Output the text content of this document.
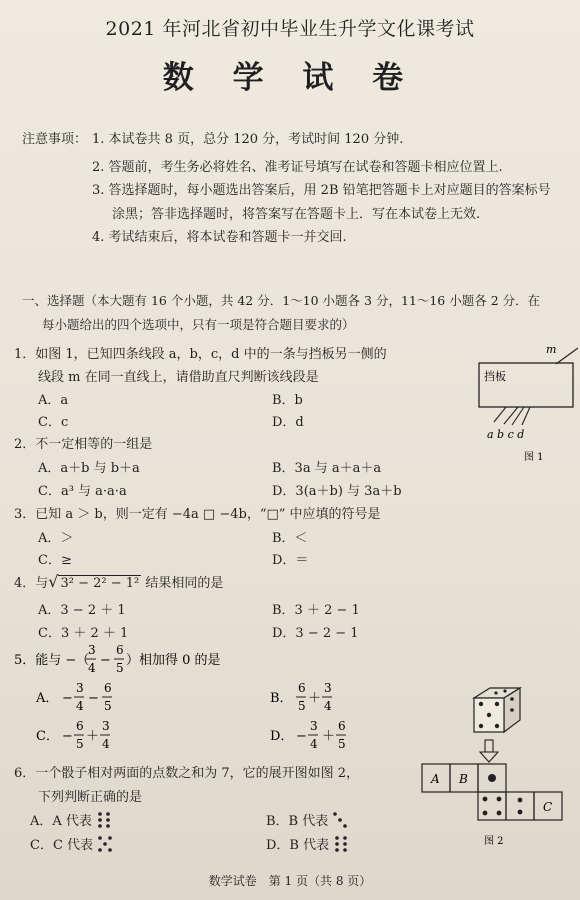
2021 年河北省初中毕业生升学文化课考试
数 学 试 卷
注意事项： 1. 本试卷共 8 页，总分 120 分，考试时间 120 分钟.
2. 答题前，考生务必将姓名、准考证号填写在试卷和答题卡相应位置上.
3. 答选择题时，每小题选出答案后，用 2B 铅笔把答题卡上对应题目的答案标号
涂黑；答非选择题时，将答案写在答题卡上．写在本试卷上无效.
4. 考试结束后，将本试卷和答题卡一并交回.
一、选择题（本大题有 16 个小题，共 42 分．1～10 小题各 3 分，11～16 小题各 2 分．在
每小题给出的四个选项中，只有一项是符合题目要求的）
1．如图 1，已知四条线段 a，b，c，d 中的一条与挡板另一侧的
线段 m 在同一直线上，请借助直尺判断该线段是
A．a	B．b
C．c	D．d
挡板
m
a b c d
图 1
2．不一定相等的一组是
A．a＋b 与 b＋a	B．3a 与 a＋a＋a
C．a³ 与 a·a·a	D．3(a＋b) 与 3a＋b
3．已知 a ＞ b，则一定有 −4a □ −4b，“□” 中应填的符号是
A．＞	B．＜
C．≥	D．＝
4．与√ 3² − 2² − 1² 结果相同的是
A．3 − 2 ＋ 1	B．3 ＋ 2 − 1
C．3 ＋ 2 ＋ 1	D．3 − 2 − 1
5．能与 −（
3
4 −
6
5 ）相加得 0 的是
A． −
3
4 −
6
5	B．
6
5 ＋
3
4
C． −
6
5 ＋
3
4	D． −
3
4 ＋
6
5
6．一个骰子相对两面的点数之和为 7，它的展开图如图 2，
下列判断正确的是
A．A 代表	B．B 代表
C．C 代表	D．B 代表
A B
C
图 2
数学试卷　第 1 页（共 8 页）
